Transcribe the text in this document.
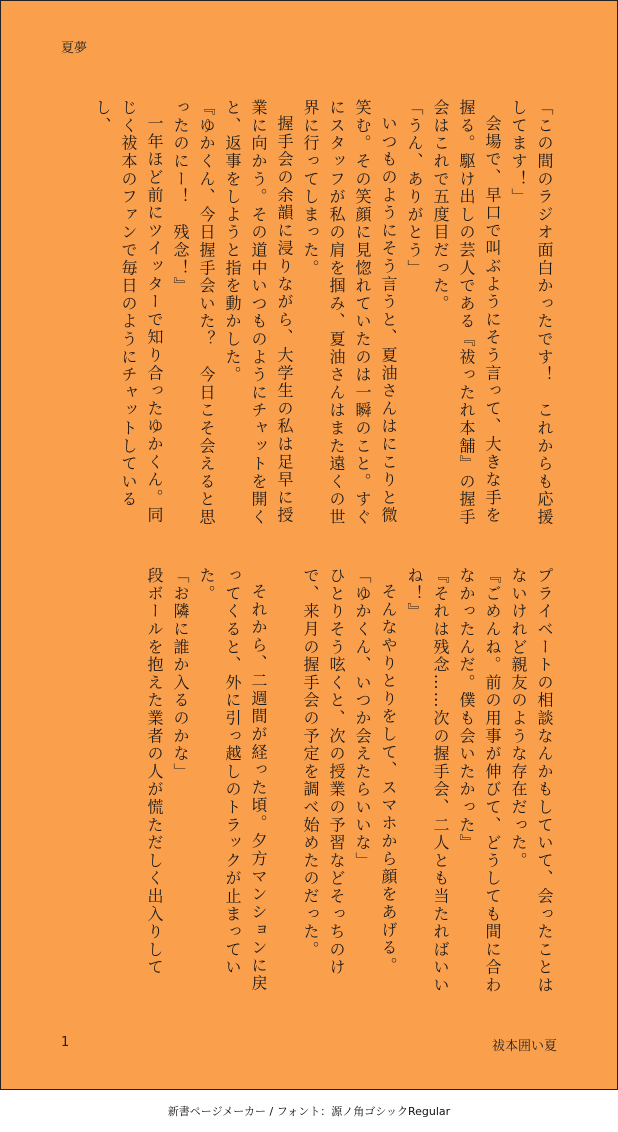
夏夢

「この間のラジオ面白かったです！　これからも応援してます！」

会場で、早口で叫ぶようにそう言って、大きな手を握る。駆け出しの芸人である『祓ったれ本舗』の握手会はこれで五度目だった。

「うん、ありがとう」

いつものようにそう言うと、夏油さんはにこりと微笑む。その笑顔に見惚れていたのは一瞬のこと。すぐにスタッフが私の肩を掴み、夏油さんはまた遠くの世界に行ってしまった。

握手会の余韻に浸りながら、大学生の私は足早に授業に向かう。その道中いつものようにチャットを開くと、返事をしようと指を動かした。

『ゆかくん、今日握手会いた？　今日こそ会えると思ったのにー！　残念！』

一年ほど前にツイッターで知り合ったゆかくん。同じく祓本のファンで毎日のようにチャットしているし、

プライベートの相談なんかもしていて、会ったことはないけれど親友のような存在だった。

『ごめんね。前の用事が伸びて、どうしても間に合わなかったんだ。僕も会いたかった』

『それは残念……次の握手会、二人とも当たればいいね！』

そんなやりとりをして、スマホから顔をあげる。

「ゆかくん、いつか会えたらいいな」

ひとりそう呟くと、次の授業の予習などそっちのけで、来月の握手会の予定を調べ始めたのだった。

それから、二週間が経った頃。夕方マンションに戻ってくると、外に引っ越しのトラックが止まっていた。

「お隣に誰か入るのかな」

段ボールを抱えた業者の人が慌ただしく出入りして

1	祓本囲い夏
新書ページメーカー / フォント：源ノ角ゴシックRegular
